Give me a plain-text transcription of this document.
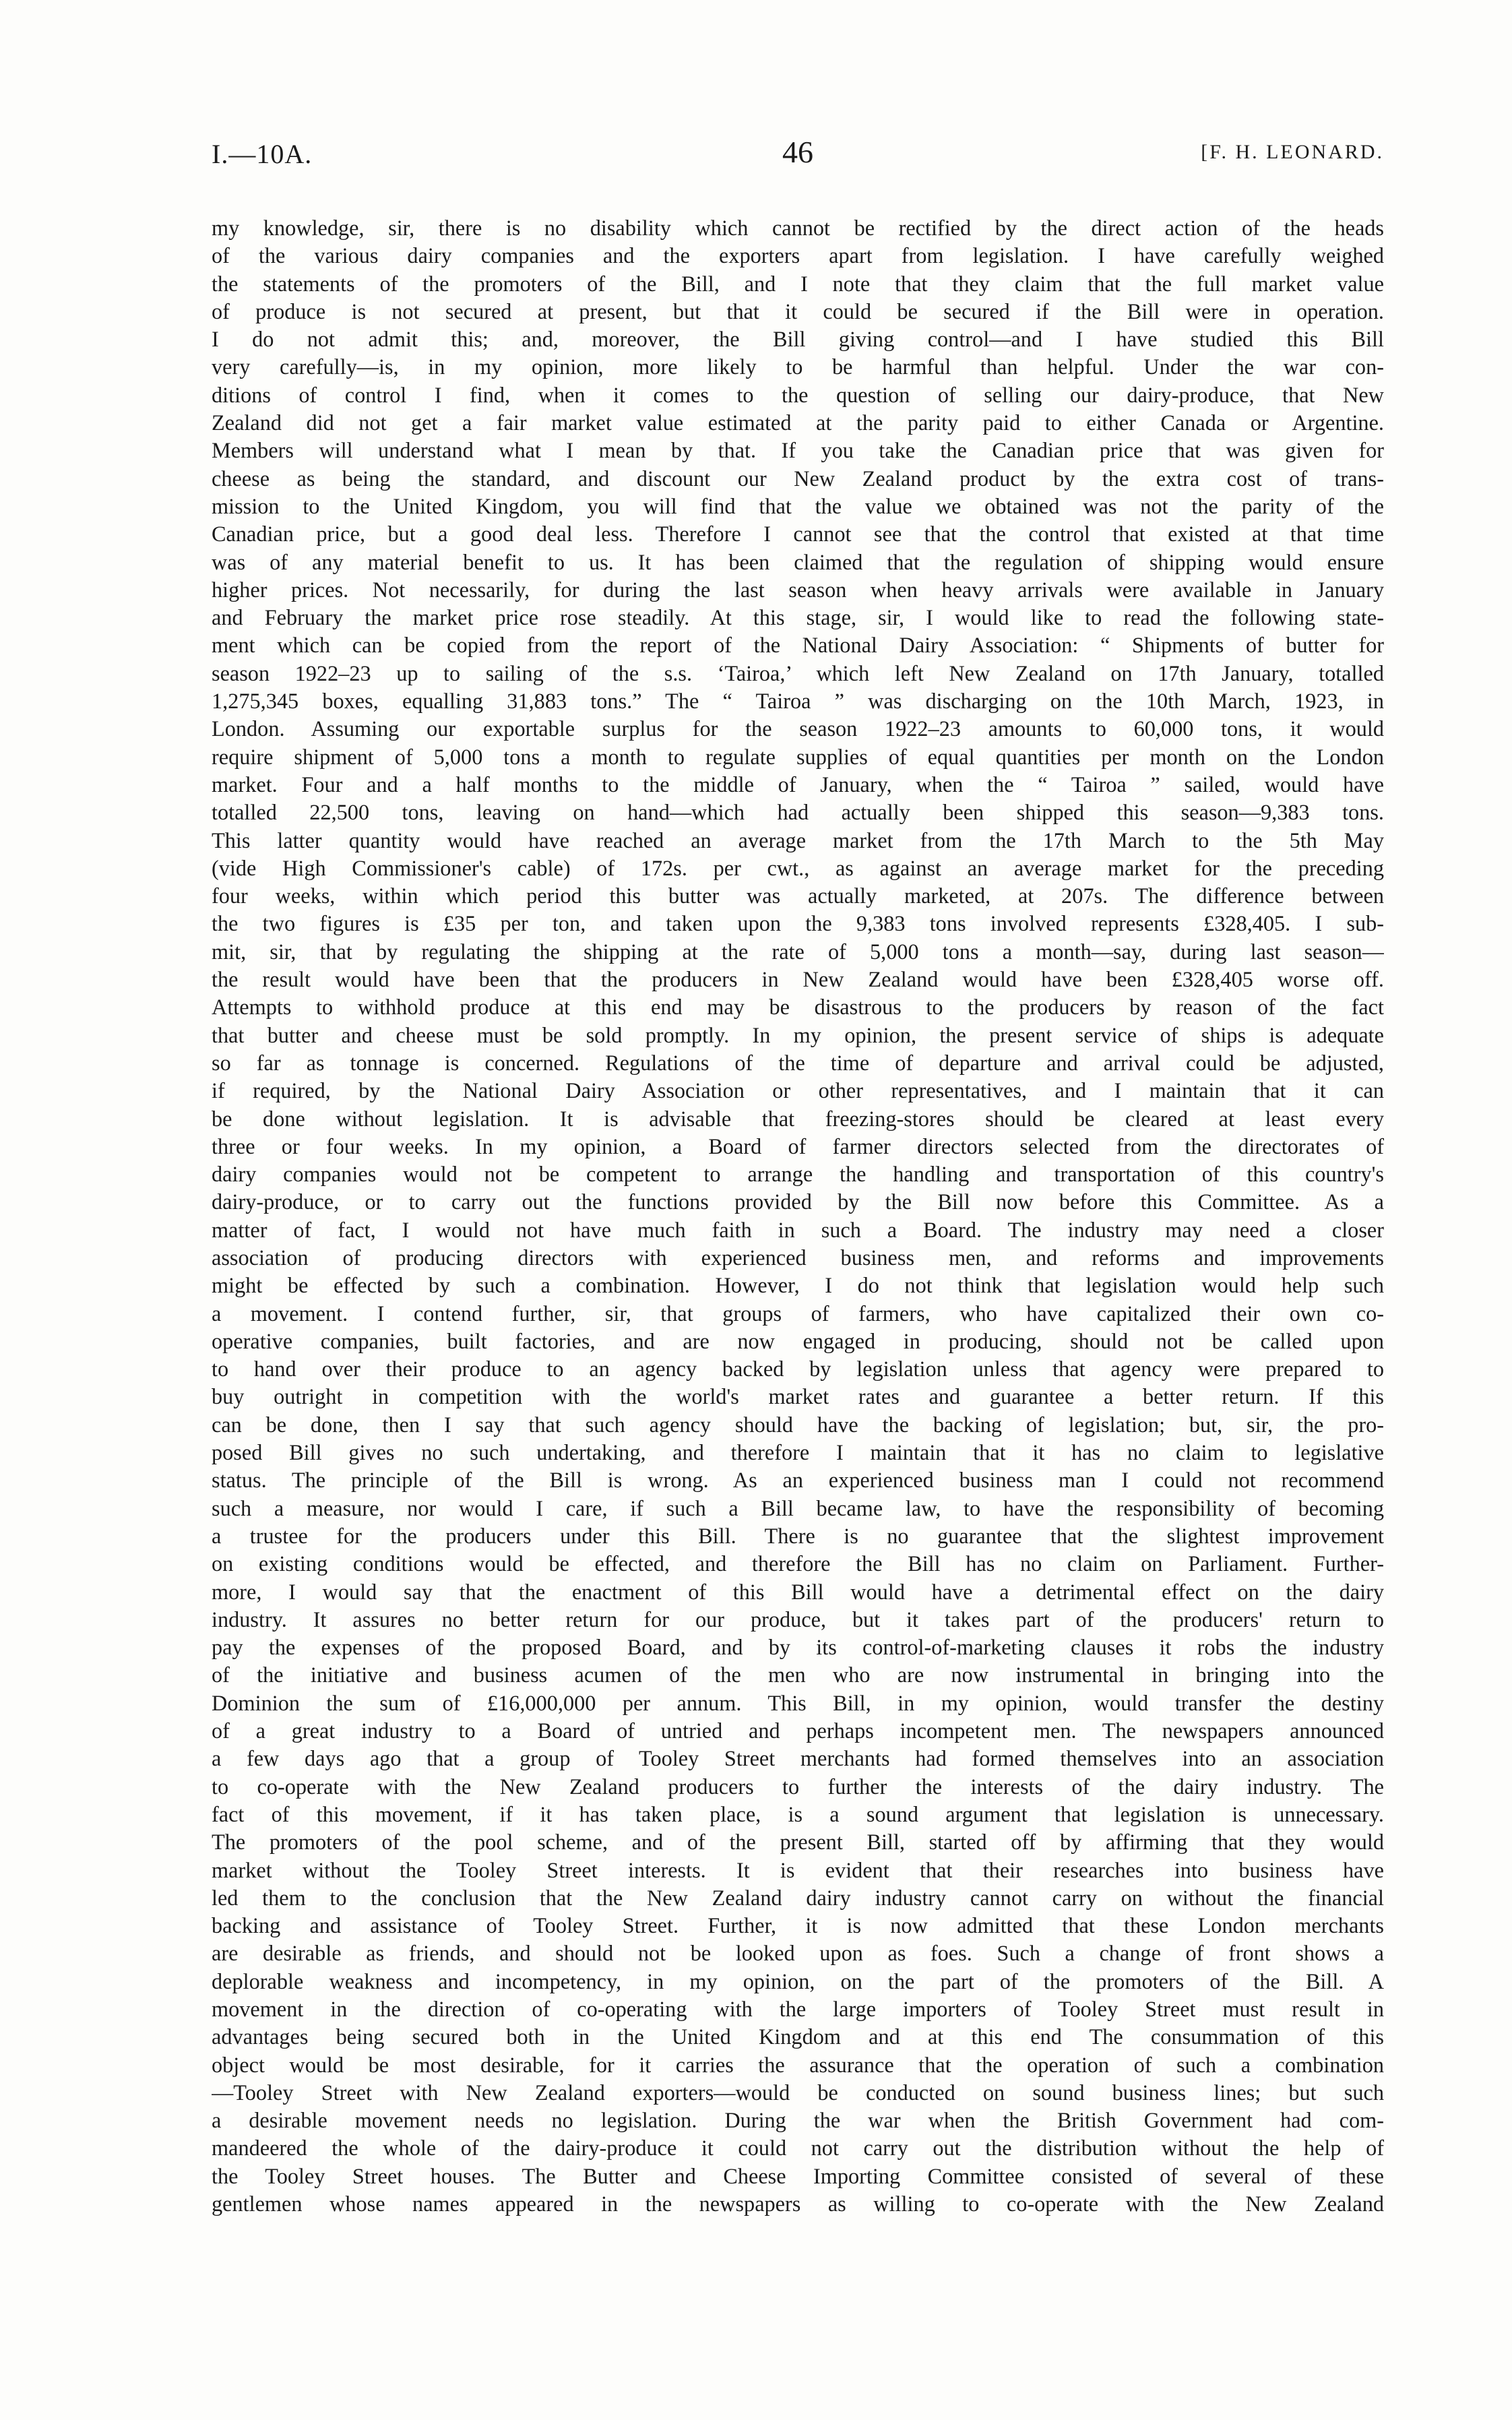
I.—10A.	46	[F. H. LEONARD.
my knowledge, sir, there is no disability which cannot be rectified by the direct action of the heads
of the various dairy companies and the exporters apart from legislation. I have carefully weighed
the statements of the promoters of the Bill, and I note that they claim that the full market value
of produce is not secured at present, but that it could be secured if the Bill were in operation.
I do not admit this; and, moreover, the Bill giving control—and I have studied this Bill
very carefully—is, in my opinion, more likely to be harmful than helpful. Under the war con-
ditions of control I find, when it comes to the question of selling our dairy-produce, that New
Zealand did not get a fair market value estimated at the parity paid to either Canada or Argentine.
Members will understand what I mean by that. If you take the Canadian price that was given for
cheese as being the standard, and discount our New Zealand product by the extra cost of trans-
mission to the United Kingdom, you will find that the value we obtained was not the parity of the
Canadian price, but a good deal less. Therefore I cannot see that the control that existed at that time
was of any material benefit to us. It has been claimed that the regulation of shipping would ensure
higher prices. Not necessarily, for during the last season when heavy arrivals were available in January
and February the market price rose steadily. At this stage, sir, I would like to read the following state-
ment which can be copied from the report of the National Dairy Association: “ Shipments of butter for
season 1922–23 up to sailing of the s.s. ‘Tairoa,’ which left New Zealand on 17th January, totalled
1,275,345 boxes, equalling 31,883 tons.” The “ Tairoa ” was discharging on the 10th March, 1923, in
London. Assuming our exportable surplus for the season 1922–23 amounts to 60,000 tons, it would
require shipment of 5,000 tons a month to regulate supplies of equal quantities per month on the London
market. Four and a half months to the middle of January, when the “ Tairoa ” sailed, would have
totalled 22,500 tons, leaving on hand—which had actually been shipped this season—9,383 tons.
This latter quantity would have reached an average market from the 17th March to the 5th May
(vide High Commissioner's cable) of 172s. per cwt., as against an average market for the preceding
four weeks, within which period this butter was actually marketed, at 207s. The difference between
the two figures is £35 per ton, and taken upon the 9,383 tons involved represents £328,405. I sub-
mit, sir, that by regulating the shipping at the rate of 5,000 tons a month—say, during last season—
the result would have been that the producers in New Zealand would have been £328,405 worse off.
Attempts to withhold produce at this end may be disastrous to the producers by reason of the fact
that butter and cheese must be sold promptly. In my opinion, the present service of ships is adequate
so far as tonnage is concerned. Regulations of the time of departure and arrival could be adjusted,
if required, by the National Dairy Association or other representatives, and I maintain that it can
be done without legislation. It is advisable that freezing-stores should be cleared at least every
three or four weeks. In my opinion, a Board of farmer directors selected from the directorates of
dairy companies would not be competent to arrange the handling and transportation of this country's
dairy-produce, or to carry out the functions provided by the Bill now before this Committee. As a
matter of fact, I would not have much faith in such a Board. The industry may need a closer
association of producing directors with experienced business men, and reforms and improvements
might be effected by such a combination. However, I do not think that legislation would help such
a movement. I contend further, sir, that groups of farmers, who have capitalized their own co-
operative companies, built factories, and are now engaged in producing, should not be called upon
to hand over their produce to an agency backed by legislation unless that agency were prepared to
buy outright in competition with the world's market rates and guarantee a better return. If this
can be done, then I say that such agency should have the backing of legislation; but, sir, the pro-
posed Bill gives no such undertaking, and therefore I maintain that it has no claim to legislative
status. The principle of the Bill is wrong. As an experienced business man I could not recommend
such a measure, nor would I care, if such a Bill became law, to have the responsibility of becoming
a trustee for the producers under this Bill. There is no guarantee that the slightest improvement
on existing conditions would be effected, and therefore the Bill has no claim on Parliament. Further-
more, I would say that the enactment of this Bill would have a detrimental effect on the dairy
industry. It assures no better return for our produce, but it takes part of the producers' return to
pay the expenses of the proposed Board, and by its control-of-marketing clauses it robs the industry
of the initiative and business acumen of the men who are now instrumental in bringing into the
Dominion the sum of £16,000,000 per annum. This Bill, in my opinion, would transfer the destiny
of a great industry to a Board of untried and perhaps incompetent men. The newspapers announced
a few days ago that a group of Tooley Street merchants had formed themselves into an association
to co-operate with the New Zealand producers to further the interests of the dairy industry. The
fact of this movement, if it has taken place, is a sound argument that legislation is unnecessary.
The promoters of the pool scheme, and of the present Bill, started off by affirming that they would
market without the Tooley Street interests. It is evident that their researches into business have
led them to the conclusion that the New Zealand dairy industry cannot carry on without the financial
backing and assistance of Tooley Street. Further, it is now admitted that these London merchants
are desirable as friends, and should not be looked upon as foes. Such a change of front shows a
deplorable weakness and incompetency, in my opinion, on the part of the promoters of the Bill. A
movement in the direction of co-operating with the large importers of Tooley Street must result in
advantages being secured both in the United Kingdom and at this end The consummation of this
object would be most desirable, for it carries the assurance that the operation of such a combination
—Tooley Street with New Zealand exporters—would be conducted on sound business lines; but such
a desirable movement needs no legislation. During the war when the British Government had com-
mandeered the whole of the dairy-produce it could not carry out the distribution without the help of
the Tooley Street houses. The Butter and Cheese Importing Committee consisted of several of these
gentlemen whose names appeared in the newspapers as willing to co-operate with the New Zealand
